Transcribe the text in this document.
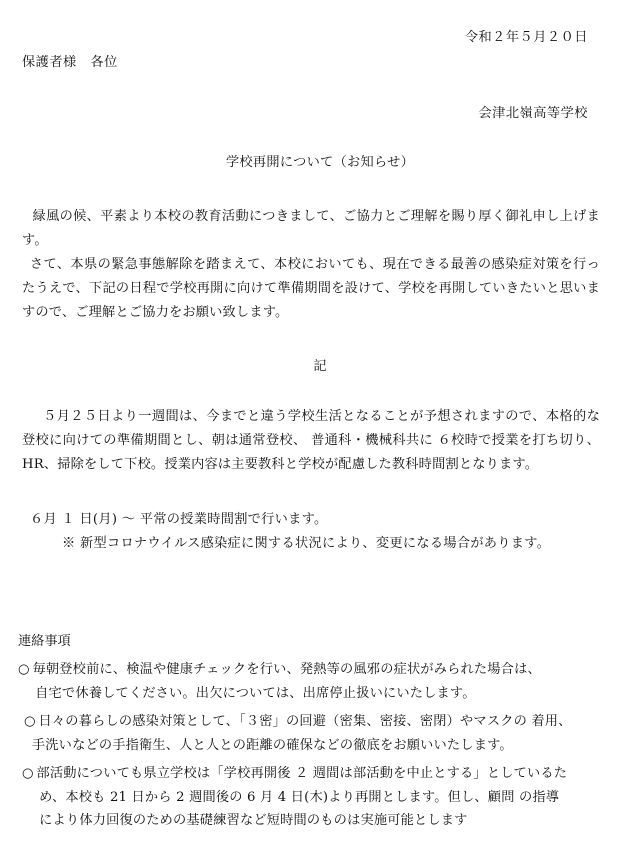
令和２年５月２０日

保護者様　各位

会津北嶺高等学校

学校再開について（お知らせ）

緑風の候、平素より本校の教育活動につきまして、ご協力とご理解を賜り厚く御礼申し上げます。

さて、本県の緊急事態解除を踏まえて、本校においても、現在できる最善の感染症対策を行ったうえで、下記の日程で学校再開に向けて準備期間を設けて、学校を再開していきたいと思いますので、ご理解とご協力をお願い致します。

記

５月２５日より一週間は、今までと違う学校生活となることが予想されますので、本格的な登校に向けての準備期間とし、朝は通常登校、 普通科・機械科共に ６校時で授業を打ち切り、HR、掃除をして下校。授業内容は主要教科と学校が配慮した教科時間割となります。

６月 １ 日(月) ～ 平常の授業時間割で行います。

※ 新型コロナウイルス感染症に関する状況により、変更になる場合があります。

連絡事項

○ 毎朝登校前に、検温や健康チェックを行い、発熱等の風邪の症状がみられた場合は、
自宅で休養してください。出欠については、出席停止扱いにいたします。
○ 日々の暮らしの感染対策として、「３密」の回避（密集、密接、密閉）やマスクの 着用、
手洗いなどの手指衛生、人と人との距離の確保などの徹底をお願いいたします。
○ 部活動についても県立学校は「学校再開後 ２ 週間は部活動を中止とする」としているた
め、本校も 21 日から 2 週間後の 6 月 4 日(木)より再開とします。但し、顧問 の指導
により体力回復のための基礎練習など短時間のものは実施可能とします
